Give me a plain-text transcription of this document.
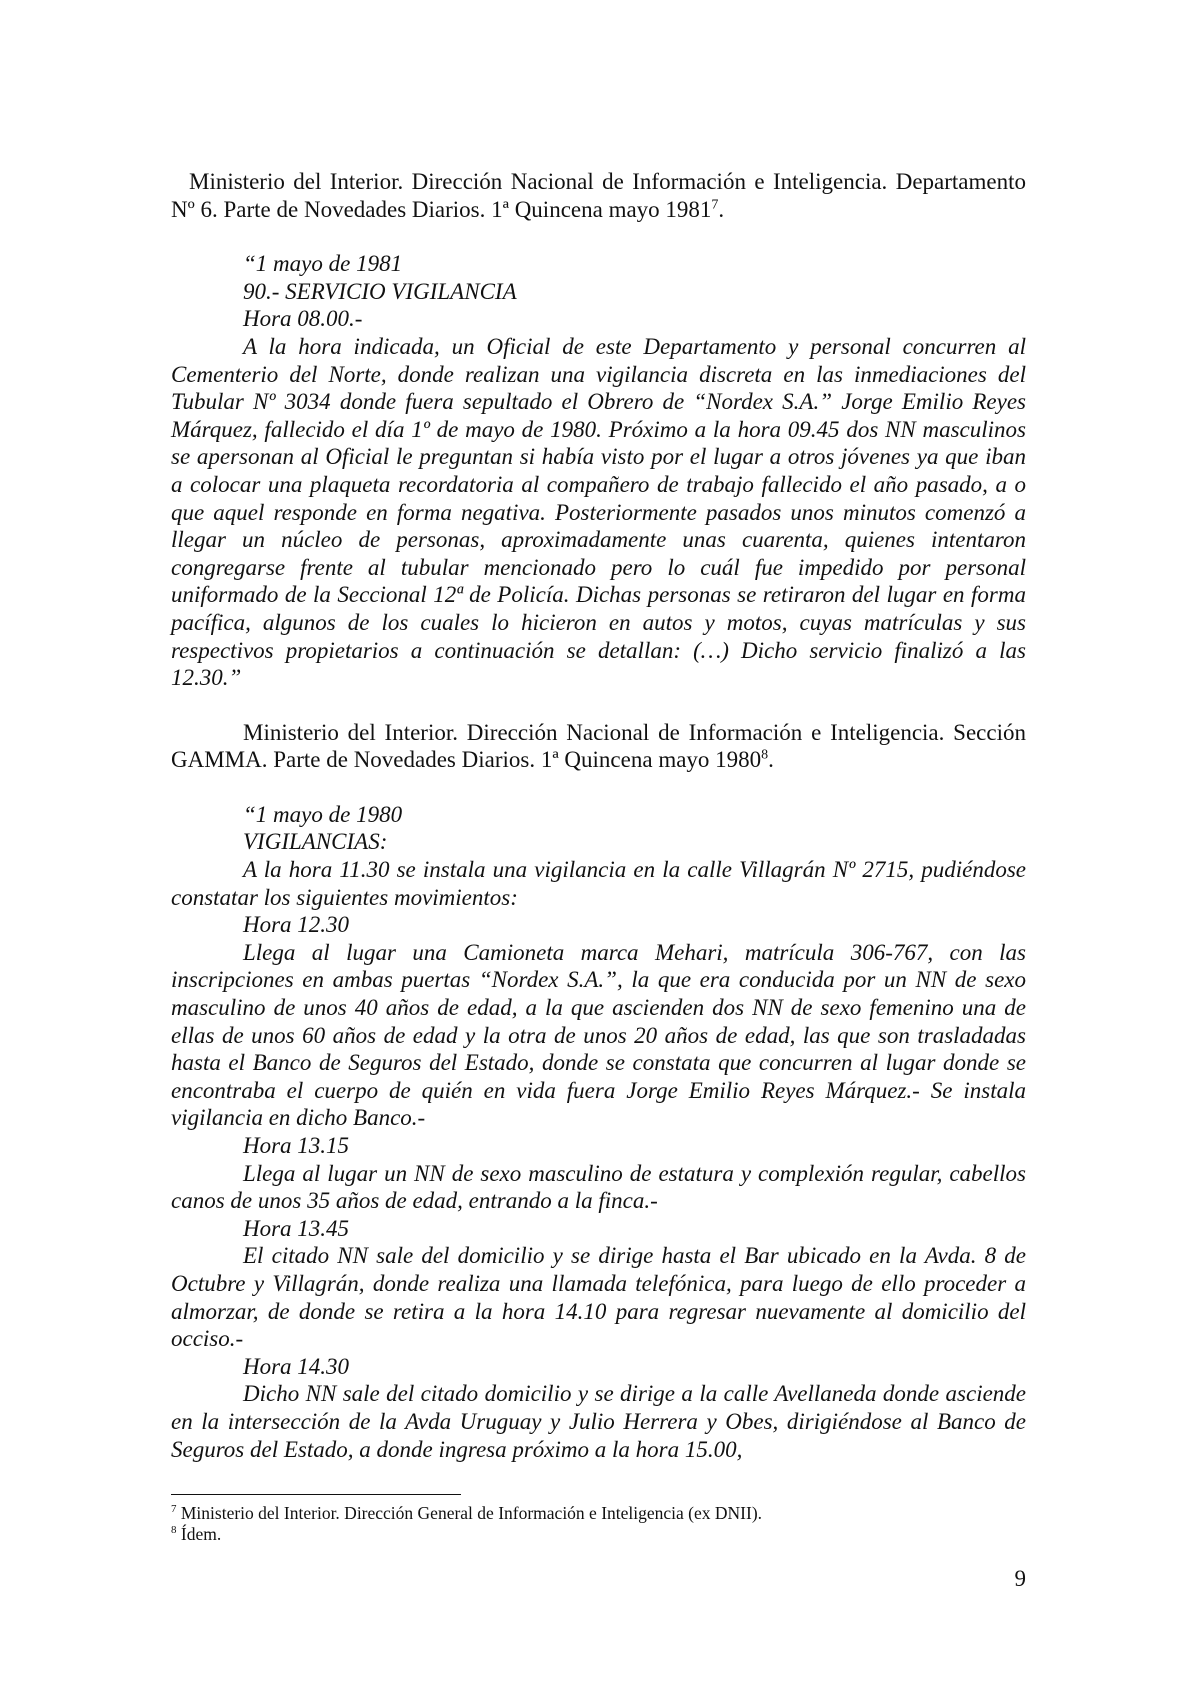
Ministerio del Interior. Dirección Nacional de Información e Inteligencia. Departamento Nº 6. Parte de Novedades Diarios. 1ª Quincena mayo 1981$^7$.

“1 mayo de 1981

90.- SERVICIO VIGILANCIA

Hora 08.00.-

A la hora indicada, un Oficial de este Departamento y personal concurren al Cementerio del Norte, donde realizan una vigilancia discreta en las inmediaciones del Tubular Nº 3034 donde fuera sepultado el Obrero de “Nordex S.A.” Jorge Emilio Reyes Márquez, fallecido el día 1º de mayo de 1980. Próximo a la hora 09.45 dos NN masculinos se apersonan al Oficial le preguntan si había visto por el lugar a otros jóvenes ya que iban a colocar una plaqueta recordatoria al compañero de trabajo fallecido el año pasado, a o que aquel responde en forma negativa. Posteriormente pasados unos minutos comenzó a llegar un núcleo de personas, aproximadamente unas cuarenta, quienes intentaron congregarse frente al tubular mencionado pero lo cuál fue impedido por personal uniformado de la Seccional 12ª de Policía. Dichas personas se retiraron del lugar en forma pacífica, algunos de los cuales lo hicieron en autos y motos, cuyas matrículas y sus respectivos propietarios a continuación se detallan: (…) Dicho servicio finalizó a las 12.30.”

Ministerio del Interior. Dirección Nacional de Información e Inteligencia. Sección GAMMA. Parte de Novedades Diarios. 1ª Quincena mayo 1980$^8$.

“1 mayo de 1980

VIGILANCIAS:

A la hora 11.30 se instala una vigilancia en la calle Villagrán Nº 2715, pudiéndose constatar los siguientes movimientos:

Hora 12.30

Llega al lugar una Camioneta marca Mehari, matrícula 306-767, con las inscripciones en ambas puertas “Nordex S.A.”, la que era conducida por un NN de sexo masculino de unos 40 años de edad, a la que ascienden dos NN de sexo femenino una de ellas de unos 60 años de edad y la otra de unos 20 años de edad, las que son trasladadas hasta el Banco de Seguros del Estado, donde se constata que concurren al lugar donde se encontraba el cuerpo de quién en vida fuera Jorge Emilio Reyes Márquez.- Se instala vigilancia en dicho Banco.-

Hora 13.15

Llega al lugar un NN de sexo masculino de estatura y complexión regular, cabellos canos de unos 35 años de edad, entrando a la finca.-

Hora 13.45

El citado NN sale del domicilio y se dirige hasta el Bar ubicado en la Avda. 8 de Octubre y Villagrán, donde realiza una llamada telefónica, para luego de ello proceder a almorzar, de donde se retira a la hora 14.10 para regresar nuevamente al domicilio del occiso.-

Hora 14.30

Dicho NN sale del citado domicilio y se dirige a la calle Avellaneda donde asciende en la intersección de la Avda Uruguay y Julio Herrera y Obes, dirigiéndose al Banco de Seguros del Estado, a donde ingresa próximo a la hora 15.00,

$^7$ Ministerio del Interior. Dirección General de Información e Inteligencia (ex DNII).

$^8$ Ídem.

9
